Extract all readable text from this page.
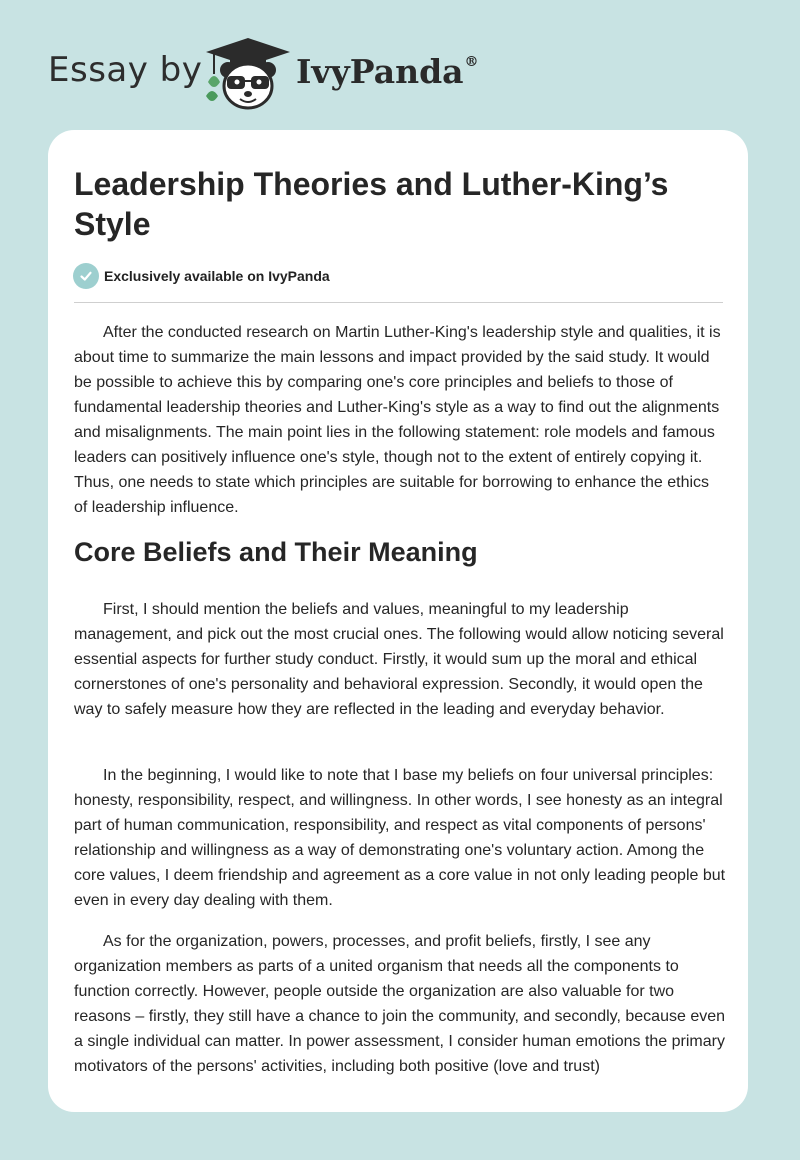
Essay by	IvyPanda®
Leadership Theories and Luther-King’s Style
Exclusively available on IvyPanda

After the conducted research on Martin Luther-King's leadership style and qualities, it is about time to summarize the main lessons and impact provided by the said study. It would be possible to achieve this by comparing one's core principles and beliefs to those of fundamental leadership theories and Luther-King's style as a way to find out the alignments and misalignments. The main point lies in the following statement: role models and famous leaders can positively influence one's style, though not to the extent of entirely copying it. Thus, one needs to state which principles are suitable for borrowing to enhance the ethics of leadership influence.

Core Beliefs and Their Meaning

First, I should mention the beliefs and values, meaningful to my leadership management, and pick out the most crucial ones. The following would allow noticing several essential aspects for further study conduct. Firstly, it would sum up the moral and ethical cornerstones of one's personality and behavioral expression. Secondly, it would open the way to safely measure how they are reflected in the leading and everyday behavior.

In the beginning, I would like to note that I base my beliefs on four universal principles: honesty, responsibility, respect, and willingness. In other words, I see honesty as an integral part of human communication, responsibility, and respect as vital components of persons' relationship and willingness as a way of demonstrating one's voluntary action. Among the core values, I deem friendship and agreement as a core value in not only leading people but even in every day dealing with them.

As for the organization, powers, processes, and profit beliefs, firstly, I see any organization members as parts of a united organism that needs all the components to function correctly. However, people outside the organization are also valuable for two reasons – firstly, they still have a chance to join the community, and secondly, because even a single individual can matter. In power assessment, I consider human emotions the primary motivators of the persons' activities, including both positive (love and trust)
